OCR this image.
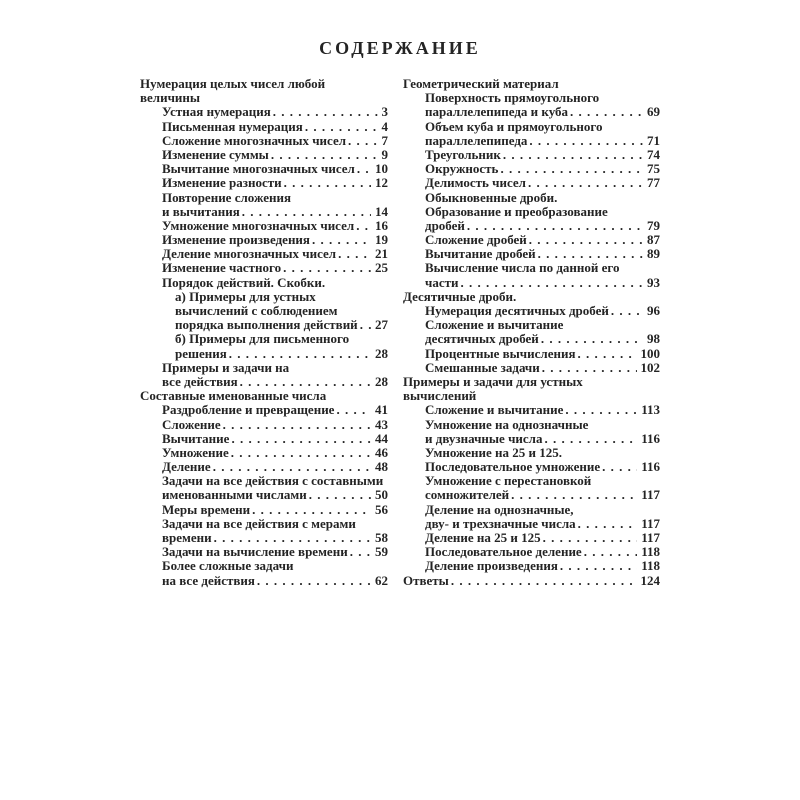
СОДЕРЖАНИЕ
Нумерация целых чисел любой
величины
Устная нумерация . . .	3
Письменная нумерация . . .	4
Сложение многозначных чисел . . .	7
Изменение суммы . . .	9
Вычитание многозначных чисел . . .	10
Изменение разности . . .	12
Повторение сложения
и вычитания . . .	14
Умножение многозначных чисел . . .	16
Изменение произведения . . .	19
Деление многозначных чисел . . .	21
Изменение частного . . .	25
Порядок действий. Скобки.
а) Примеры для устных
вычислений с соблюдением
порядка выполнения действий . . .	27
б) Примеры для письменного
решения . . .	28
Примеры и задачи на
все действия . . .	28
Составные именованные числа
Раздробление и превращение . . .	41
Сложение . . .	43
Вычитание . . .	44
Умножение . . .	46
Деление . . .	48
Задачи на все действия с составными
именованными числами . . .	50
Меры времени . . .	56
Задачи на все действия с мерами
времени . . .	58
Задачи на вычисление времени . . .	59
Более сложные задачи
на все действия . . .	62
Геометрический материал
Поверхность прямоугольного
параллелепипеда и куба . . .	69
Объем куба и прямоугольного
параллелепипеда . . .	71
Треугольник . . .	74
Окружность . . .	75
Делимость чисел . . .	77
Обыкновенные дроби.
Образование и преобразование
дробей . . .	79
Сложение дробей . . .	87
Вычитание дробей . . .	89
Вычисление числа по данной его
части . . .	93
Десятичные дроби.
Нумерация десятичных дробей . . .	96
Сложение и вычитание
десятичных дробей . . .	98
Процентные вычисления . . .	100
Смешанные задачи . . .	102
Примеры и задачи для устных
вычислений
Сложение и вычитание . . .	113
Умножение на однозначные
и двузначные числа . . .	116
Умножение на 25 и 125.
Последовательное умножение . . .	116
Умножение с перестановкой
сомножителей . . .	117
Деление на однозначные,
дву- и трехзначные числа . . .	117
Деление на 25 и 125 . . .	117
Последовательное деление . . .	118
Деление произведения . . .	118
Ответы . . .	124
